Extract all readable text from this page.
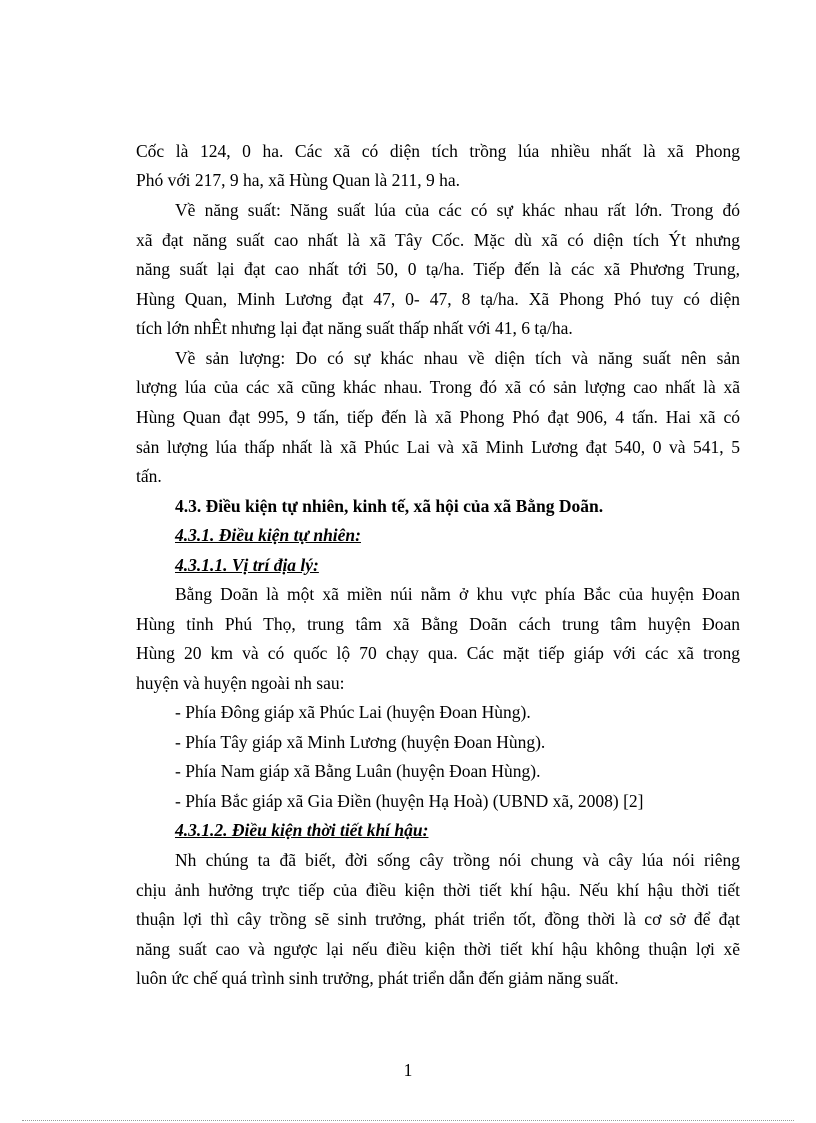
Cốc là 124, 0 ha. Các xã có diện tích trồng lúa nhiều nhất là xã Phong
Phó với 217, 9 ha, xã Hùng Quan là 211, 9 ha.
Về năng suất: Năng suất lúa của các có sự khác nhau rất lớn. Trong đó
xã đạt năng suất cao nhất là xã Tây Cốc. Mặc dù xã có diện tích Ýt nhưng
năng suất lại đạt cao nhất tới 50, 0 tạ/ha. Tiếp đến là các xã Phương Trung,
Hùng Quan, Minh Lương đạt 47, 0- 47, 8 tạ/ha. Xã Phong Phó tuy có diện
tích lớn nhÊt nhưng lại đạt năng suất thấp nhất với 41, 6 tạ/ha.
Về sản lượng: Do có sự khác nhau về diện tích và năng suất nên sản
lượng lúa của các xã cũng khác nhau. Trong đó xã có sản lượng cao nhất là xã
Hùng Quan đạt 995, 9 tấn, tiếp đến là xã Phong Phó đạt 906, 4 tấn. Hai xã có
sản lượng lúa thấp nhất là xã Phúc Lai và xã Minh Lương đạt 540, 0 và 541, 5
tấn.
4.3. Điều kiện tự nhiên, kinh tế, xã hội của xã Bằng Doãn.
4.3.1. Điều kiện tự nhiên:
4.3.1.1. Vị trí địa lý:
Bằng Doãn là một xã miền núi nằm ở khu vực phía Bắc của huyện Đoan
Hùng tỉnh Phú Thọ, trung tâm xã Bằng Doãn cách trung tâm huyện Đoan
Hùng 20 km và có quốc lộ 70 chạy qua. Các mặt tiếp giáp với các xã trong
huyện và huyện ngoài nh sau:
- Phía Đông giáp xã Phúc Lai (huyện Đoan Hùng).
- Phía Tây giáp xã Minh Lương (huyện Đoan Hùng).
- Phía Nam giáp xã Bằng Luân (huyện Đoan Hùng).
- Phía Bắc giáp xã Gia Điền (huyện Hạ Hoà) (UBND xã, 2008) [2]
4.3.1.2. Điều kiện thời tiết khí hậu:
Nh chúng ta đã biết, đời sống cây trồng nói chung và cây lúa nói riêng
chịu ảnh hưởng trực tiếp của điều kiện thời tiết khí hậu. Nếu khí hậu thời tiết
thuận lợi thì cây trồng sẽ sinh trưởng, phát triển tốt, đồng thời là cơ sở để đạt
năng suất cao và ngược lại nếu điều kiện thời tiết khí hậu không thuận lợi xẽ
luôn ức chế quá trình sinh trưởng, phát triển dẫn đến giảm năng suất.
1
